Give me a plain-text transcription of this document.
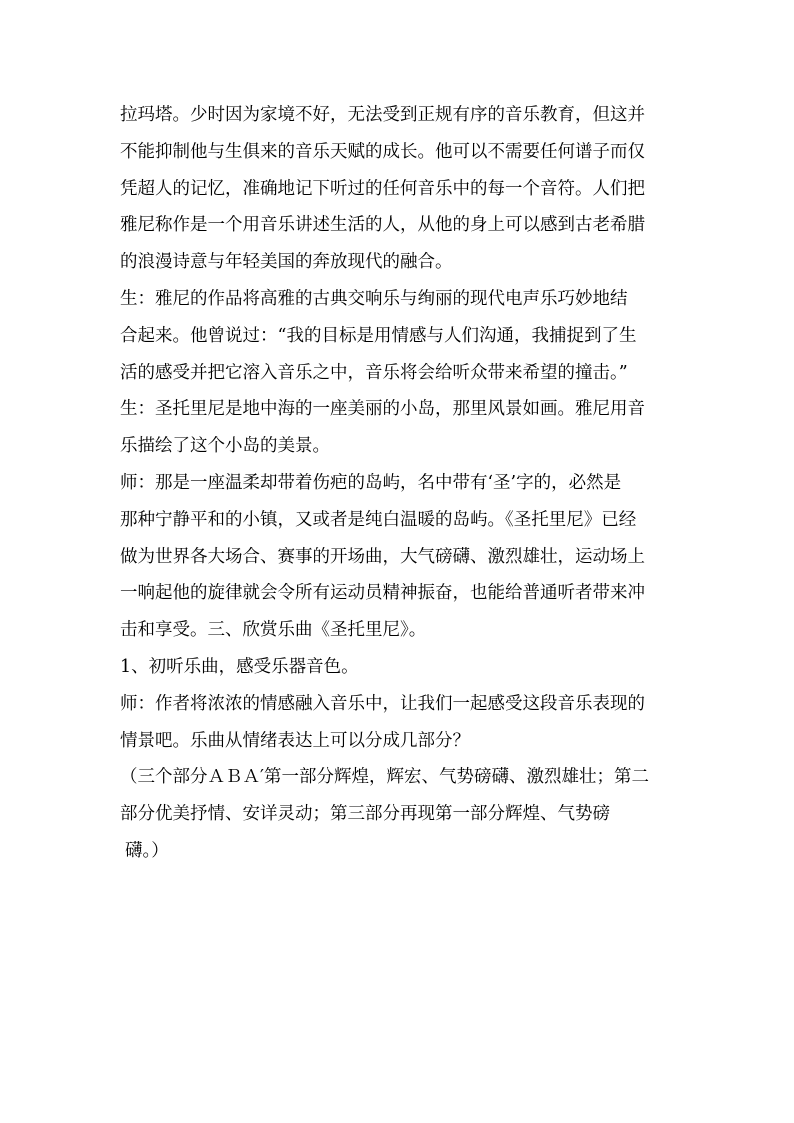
拉玛塔。少时因为家境不好，无法受到正规有序的音乐教育，但这并
不能抑制他与生俱来的音乐天赋的成长。他可以不需要任何谱子而仅
凭超人的记忆，准确地记下听过的任何音乐中的每一个音符。人们把
雅尼称作是一个用音乐讲述生活的人，从他的身上可以感到古老希腊
的浪漫诗意与年轻美国的奔放现代的融合。
生：雅尼的作品将高雅的古典交响乐与绚丽的现代电声乐巧妙地结
合起来。他曾说过：“我的目标是用情感与人们沟通，我捕捉到了生
活的感受并把它溶入音乐之中，音乐将会给听众带来希望的撞击。”
生：圣托里尼是地中海的一座美丽的小岛，那里风景如画。雅尼用音
乐描绘了这个小岛的美景。
师：那是一座温柔却带着伤疤的岛屿，名中带有‘圣’字的，必然是
那种宁静平和的小镇，又或者是纯白温暖的岛屿。《圣托里尼》已经
做为世界各大场合、赛事的开场曲，大气磅礴、激烈雄壮，运动场上
一响起他的旋律就会令所有运动员精神振奋，也能给普通听者带来冲
击和享受。三、欣赏乐曲《圣托里尼》。
1、初听乐曲，感受乐器音色。
师：作者将浓浓的情感融入音乐中，让我们一起感受这段音乐表现的
情景吧。乐曲从情绪表达上可以分成几部分？
（三个部分ＡＢＡ′第一部分辉煌，辉宏、气势磅礴、激烈雄壮；第二
部分优美抒情、安详灵动；第三部分再现第一部分辉煌、气势磅
礴。）
